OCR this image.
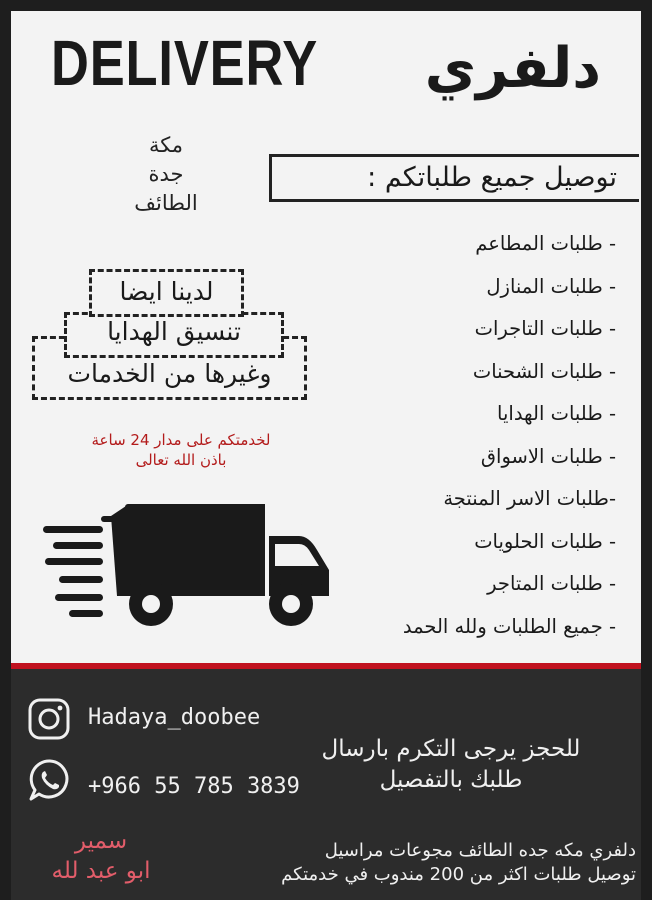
DELIVERY دلفري
مكة
جدة
الطائف
توصيل جميع طلباتكم :
- طلبات المطاعم
- طلبات المنازل
- طلبات التاجرات
- طلبات الشحنات
- طلبات الهدايا
- طلبات الاسواق
-طلبات الاسر المنتجة
- طلبات الحلويات
- طلبات المتاجر
- جميع الطلبات ولله الحمد
لدينا ايضا
تنسيق الهدايا
وغيرها من الخدمات
لخدمتكم على مدار 24 ساعة
باذن الله تعالى
Hadaya_doobee
+966 55 785 3839
للحجز يرجى التكرم بارسال
طلبك بالتفصيل
سمير
ابو عبد لله
دلفري مكه جده الطائف مجوعات مراسيل
توصيل طلبات اكثر من 200 مندوب في خدمتكم
